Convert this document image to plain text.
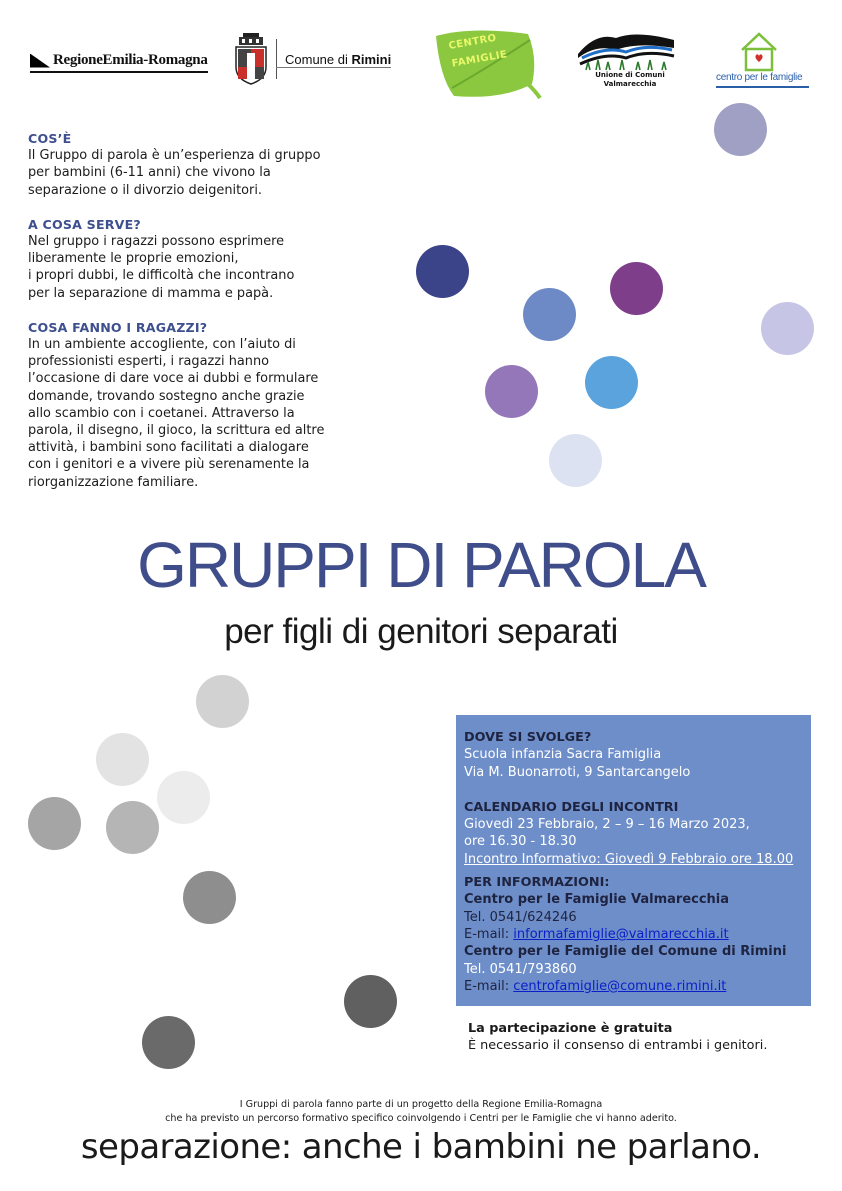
RegioneEmilia-Romagna	Comune di Rimini
CENTRO
FAMIGLIE
Unione di Comuni
Valmarecchia
centro per le famiglie
COS’È
Il Gruppo di parola è un’esperienza di gruppo
per bambini (6-11 anni) che vivono la
separazione o il divorzio deigenitori.
A COSA SERVE?
Nel gruppo i ragazzi possono esprimere
liberamente le proprie emozioni,
i propri dubbi, le difficoltà che incontrano
per la separazione di mamma e papà.
COSA FANNO I RAGAZZI?
In un ambiente accogliente, con l’aiuto di
professionisti esperti, i ragazzi hanno
l’occasione di dare voce ai dubbi e formulare
domande, trovando sostegno anche grazie
allo scambio con i coetanei. Attraverso la
parola, il disegno, il gioco, la scrittura ed altre
attività, i bambini sono facilitati a dialogare
con i genitori e a vivere più serenamente la
riorganizzazione familiare.
GRUPPI DI PAROLA
per figli di genitori separati
DOVE SI SVOLGE?
Scuola infanzia Sacra Famiglia
Via M. Buonarroti, 9 Santarcangelo
CALENDARIO DEGLI INCONTRI
Giovedì 23 Febbraio, 2 – 9 – 16 Marzo 2023,
ore 16.30 - 18.30
Incontro Informativo: Giovedì 9 Febbraio ore 18.00
PER INFORMAZIONI:
Centro per le Famiglie Valmarecchia
Tel. 0541/624246
E-mail: informafamiglie@valmarecchia.it
Centro per le Famiglie del Comune di Rimini
Tel. 0541/793860
E-mail: centrofamiglie@comune.rimini.it
La partecipazione è gratuita
È necessario il consenso di entrambi i genitori.
I Gruppi di parola fanno parte di un progetto della Regione Emilia-Romagna
che ha previsto un percorso formativo specifico coinvolgendo i Centri per le Famiglie che vi hanno aderito.
separazione: anche i bambini ne parlano.
